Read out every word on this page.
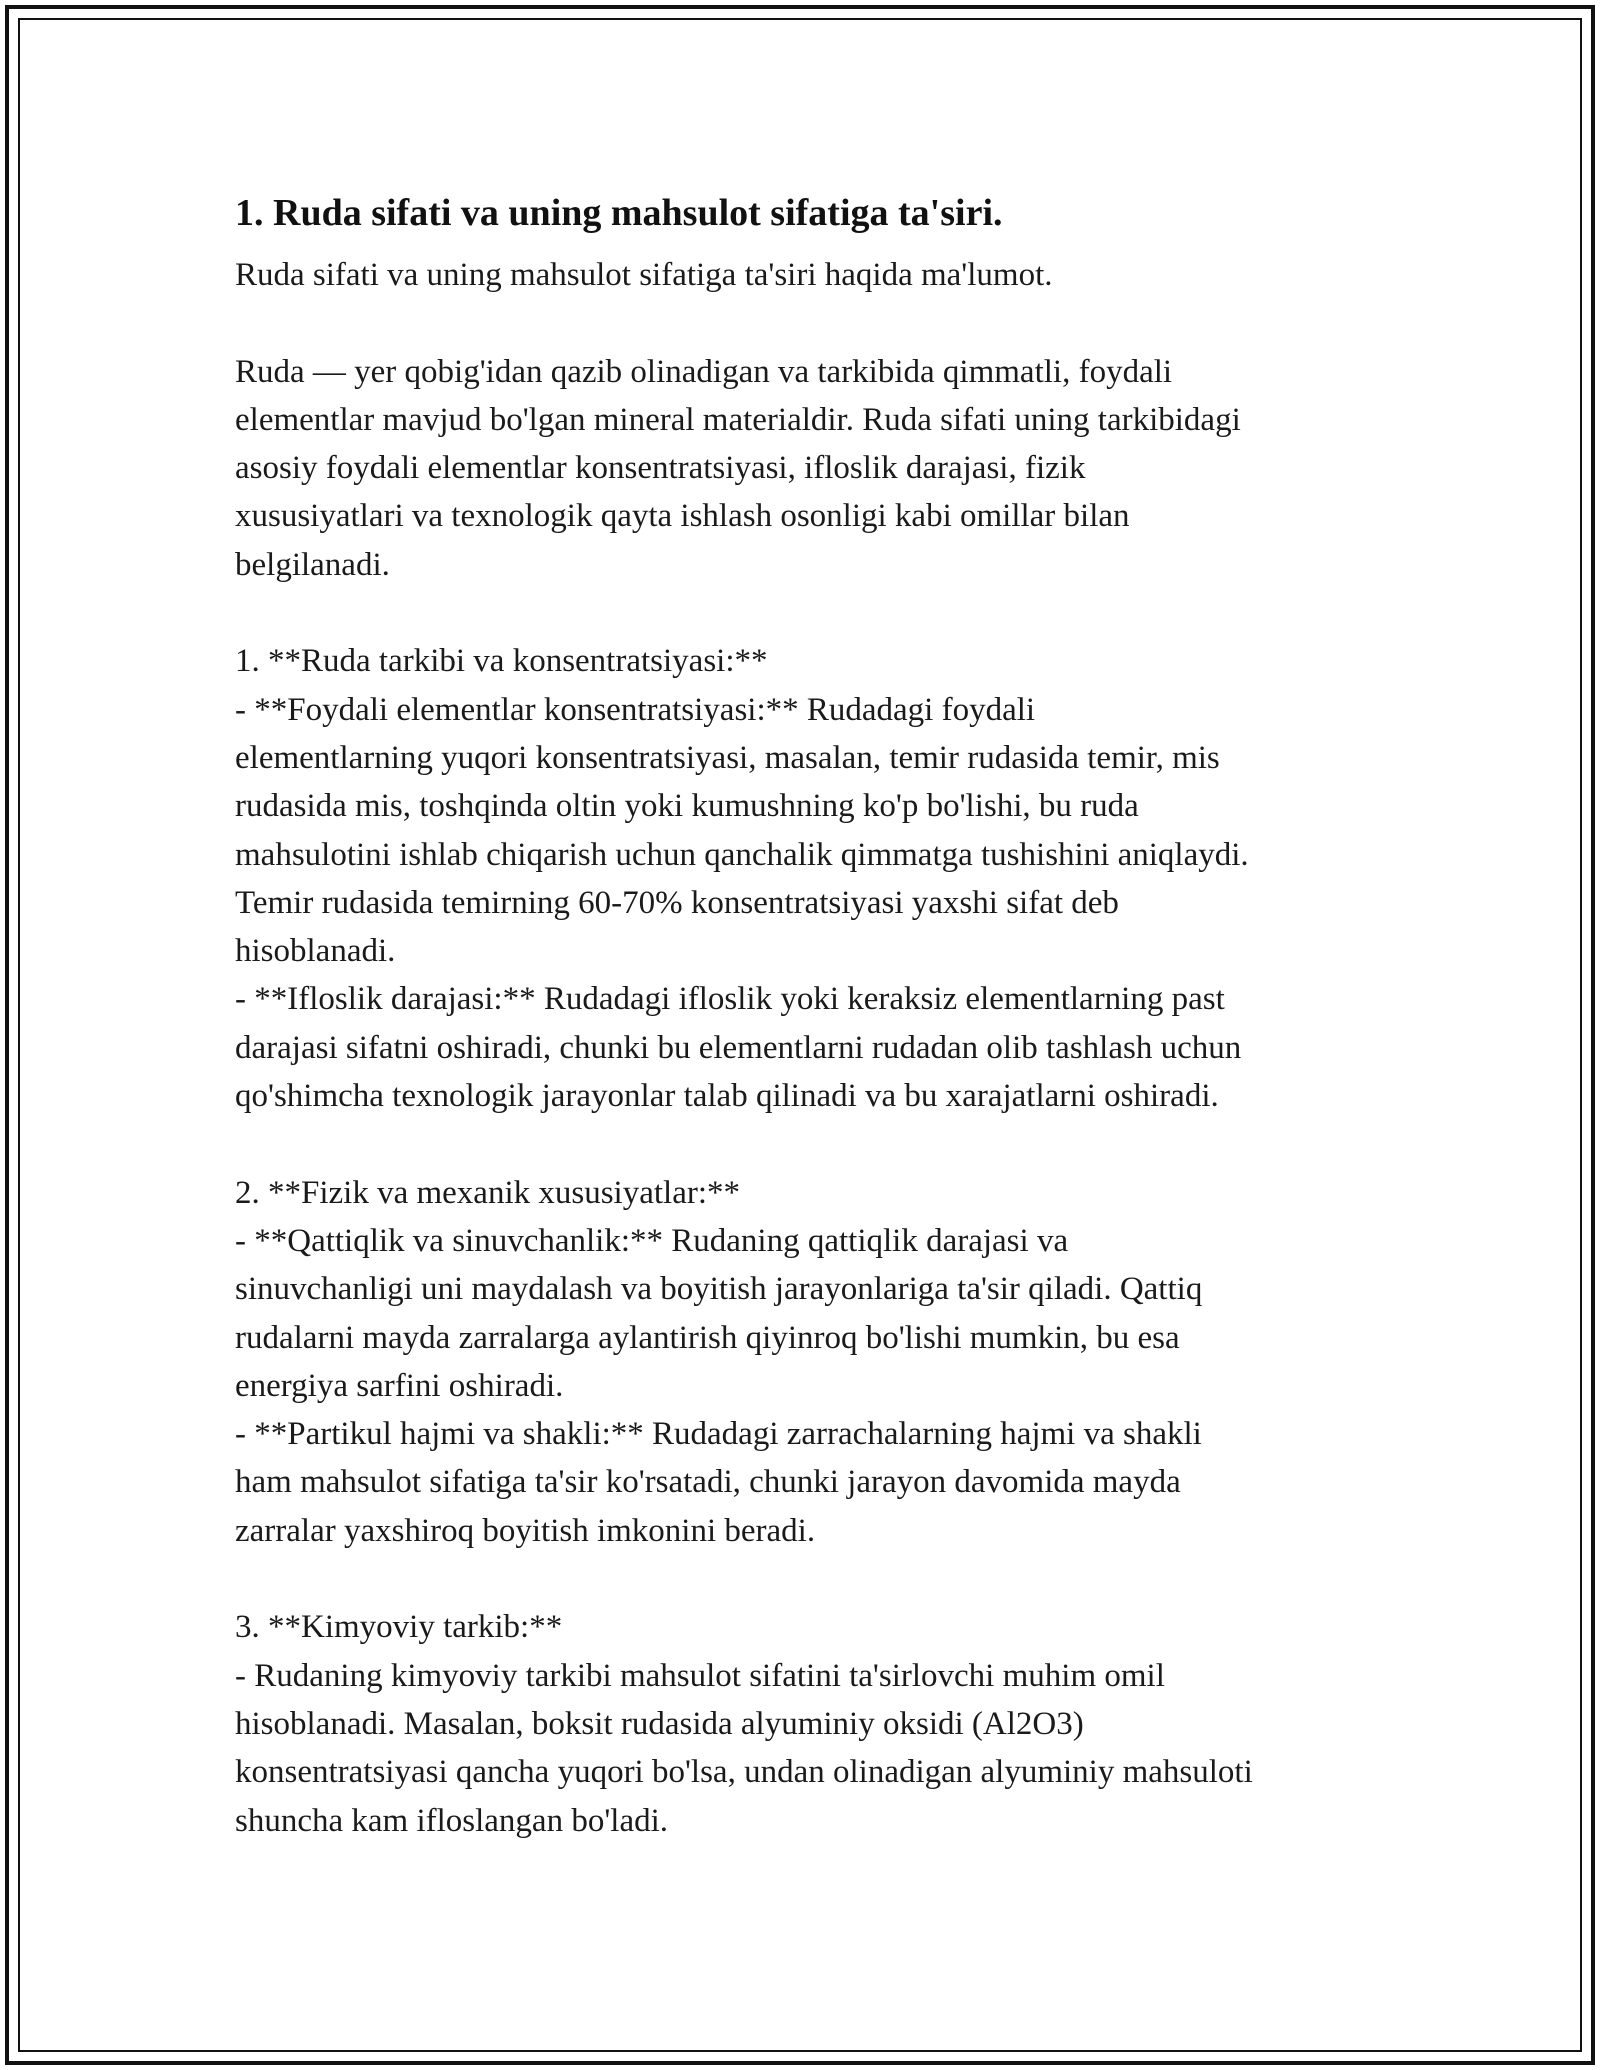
1. Ruda sifati va uning mahsulot sifatiga ta'siri.

Ruda sifati va uning mahsulot sifatiga ta'siri haqida ma'lumot.

Ruda — yer qobig'idan qazib olinadigan va tarkibida qimmatli, foydali
elementlar mavjud bo'lgan mineral materialdir. Ruda sifati uning tarkibidagi
asosiy foydali elementlar konsentratsiyasi, ifloslik darajasi, fizik
xususiyatlari va texnologik qayta ishlash osonligi kabi omillar bilan
belgilanadi.

1. **Ruda tarkibi va konsentratsiyasi:**
- **Foydali elementlar konsentratsiyasi:** Rudadagi foydali
elementlarning yuqori konsentratsiyasi, masalan, temir rudasida temir, mis
rudasida mis, toshqinda oltin yoki kumushning ko'p bo'lishi, bu ruda
mahsulotini ishlab chiqarish uchun qanchalik qimmatga tushishini aniqlaydi.
Temir rudasida temirning 60-70% konsentratsiyasi yaxshi sifat deb
hisoblanadi.
- **Ifloslik darajasi:** Rudadagi ifloslik yoki keraksiz elementlarning past
darajasi sifatni oshiradi, chunki bu elementlarni rudadan olib tashlash uchun
qo'shimcha texnologik jarayonlar talab qilinadi va bu xarajatlarni oshiradi.

2. **Fizik va mexanik xususiyatlar:**
- **Qattiqlik va sinuvchanlik:** Rudaning qattiqlik darajasi va
sinuvchanligi uni maydalash va boyitish jarayonlariga ta'sir qiladi. Qattiq
rudalarni mayda zarralarga aylantirish qiyinroq bo'lishi mumkin, bu esa
energiya sarfini oshiradi.
- **Partikul hajmi va shakli:** Rudadagi zarrachalarning hajmi va shakli
ham mahsulot sifatiga ta'sir ko'rsatadi, chunki jarayon davomida mayda
zarralar yaxshiroq boyitish imkonini beradi.

3. **Kimyoviy tarkib:**
- Rudaning kimyoviy tarkibi mahsulot sifatini ta'sirlovchi muhim omil
hisoblanadi. Masalan, boksit rudasida alyuminiy oksidi (Al2O3)
konsentratsiyasi qancha yuqori bo'lsa, undan olinadigan alyuminiy mahsuloti
shuncha kam ifloslangan bo'ladi.
